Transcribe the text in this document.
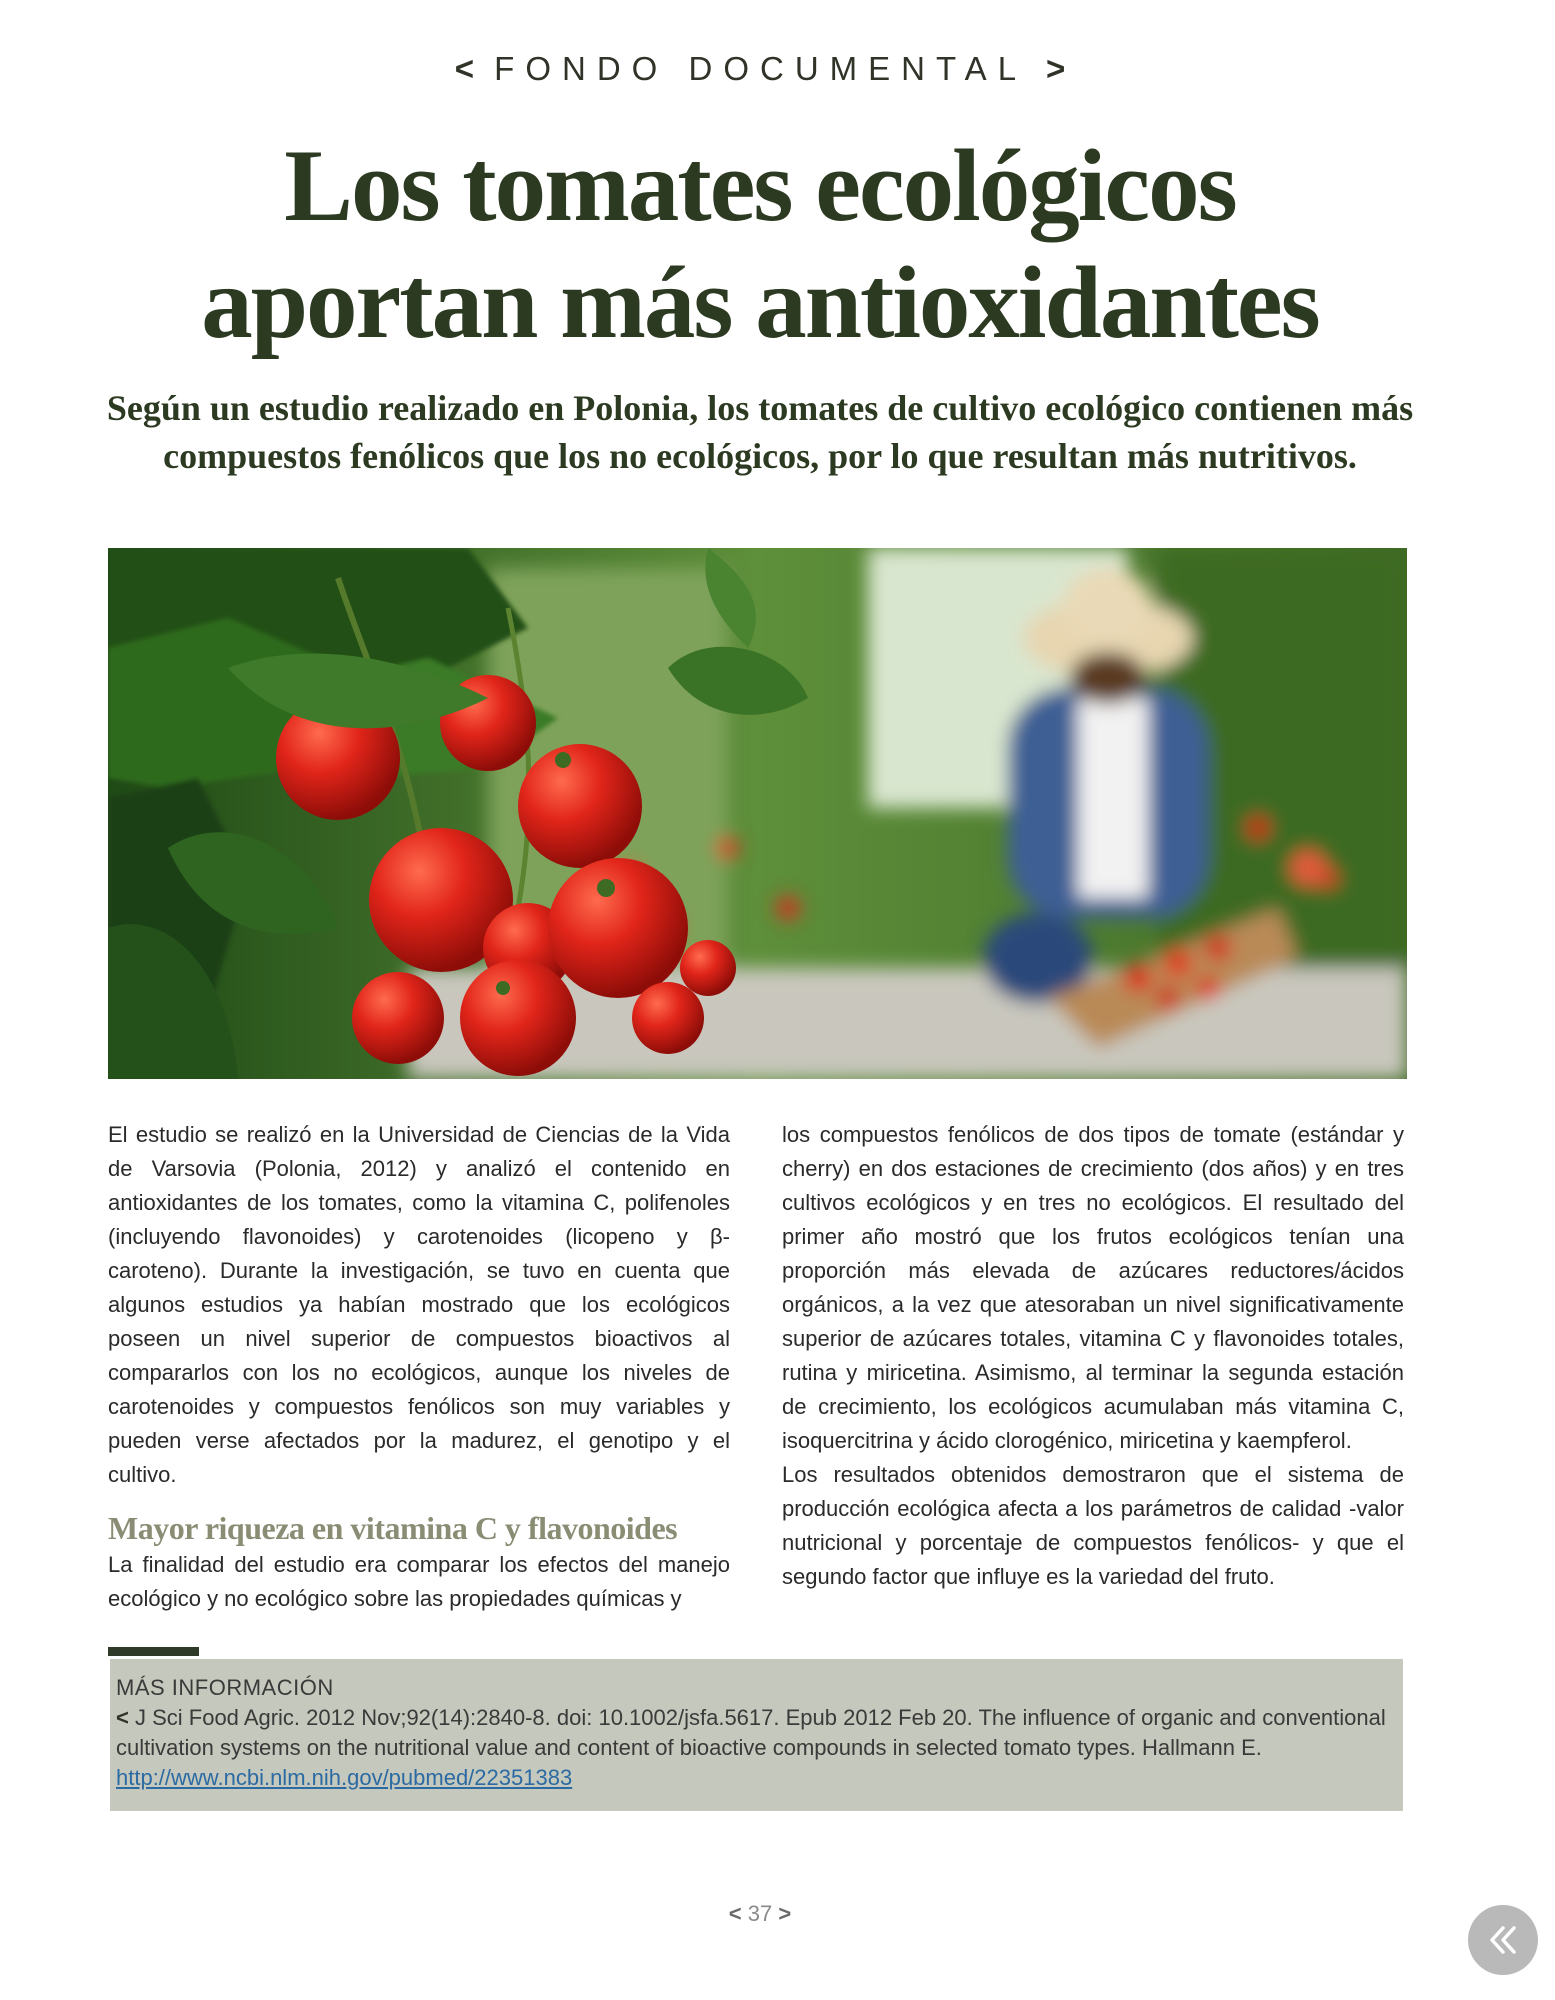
< FONDO DOCUMENTAL >
Los tomates ecológicos
aportan más antioxidantes

Según un estudio realizado en Polonia, los tomates de cultivo ecológico contienen más compuestos fenólicos que los no ecológicos, por lo que resultan más nutritivos.

El estudio se realizó en la Universidad de Ciencias de la Vida de Varsovia (Polonia, 2012) y analizó el contenido en antioxidantes de los tomates, como la vitamina C, polifenoles (incluyendo flavonoides) y carotenoides (licopeno y β-caroteno). Durante la investigación, se tuvo en cuenta que algunos estudios ya habían mostrado que los ecológicos poseen un nivel superior de compuestos bioactivos al compararlos con los no ecológicos, aunque los niveles de carotenoides y compuestos fenólicos son muy variables y pueden verse afectados por la madurez, el genotipo y el cultivo.

Mayor riqueza en vitamina C y flavonoides

La finalidad del estudio era comparar los efectos del manejo ecológico y no ecológico sobre las propiedades químicas y

los compuestos fenólicos de dos tipos de tomate (estándar y cherry) en dos estaciones de crecimiento (dos años) y en tres cultivos ecológicos y en tres no ecológicos. El resultado del primer año mostró que los frutos ecológicos tenían una proporción más elevada de azúcares reductores/ácidos orgánicos, a la vez que atesoraban un nivel significativamente superior de azúcares totales, vitamina C y flavonoides totales, rutina y miricetina. Asimismo, al terminar la segunda estación de crecimiento, los ecológicos acumulaban más vitamina C, isoquercitrina y ácido clorogénico, miricetina y kaempferol.

Los resultados obtenidos demostraron que el sistema de producción ecológica afecta a los parámetros de calidad -valor nutricional y porcentaje de compuestos fenólicos- y que el segundo factor que influye es la variedad del fruto.

MÁS INFORMACIÓN

< J Sci Food Agric. 2012 Nov;92(14):2840-8. doi: 10.1002/jsfa.5617. Epub 2012 Feb 20. The influence of organic and conventional cultivation systems on the nutritional value and content of bioactive compounds in selected tomato types. Hallmann E.
http://www.ncbi.nlm.nih.gov/pubmed/22351383

< 37 >
